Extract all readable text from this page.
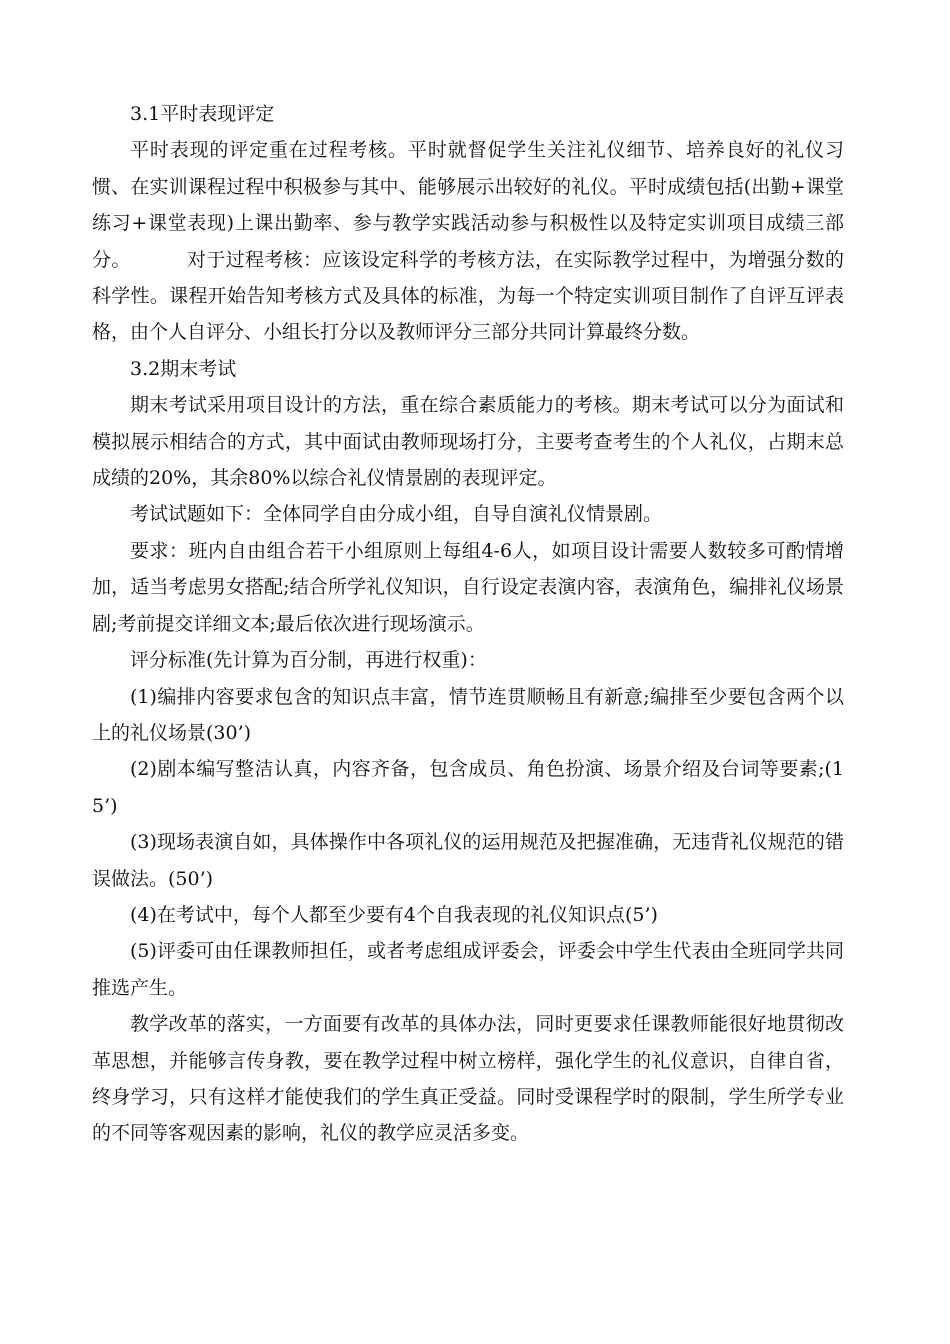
3.1平时表现评定

平时表现的评定重在过程考核。平时就督促学生关注礼仪细节、培养良好的礼仪习惯、在实训课程过程中积极参与其中、能够展示出较好的礼仪。平时成绩包括(出勤+课堂练习+课堂表现)上课出勤率、参与教学实践活动参与积极性以及特定实训项目成绩三部分。	对于过程考核：应该设定科学的考核方法，在实际教学过程中，为增强分数的科学性。课程开始告知考核方式及具体的标准，为每一个特定实训项目制作了自评互评表格，由个人自评分、小组长打分以及教师评分三部分共同计算最终分数。

3.2期末考试

期末考试采用项目设计的方法，重在综合素质能力的考核。期末考试可以分为面试和模拟展示相结合的方式，其中面试由教师现场打分，主要考查考生的个人礼仪，占期末总成绩的20%，其余80%以综合礼仪情景剧的表现评定。

考试试题如下：全体同学自由分成小组，自导自演礼仪情景剧。

要求：班内自由组合若干小组原则上每组4-6人，如项目设计需要人数较多可酌情增加，适当考虑男女搭配;结合所学礼仪知识，自行设定表演内容，表演角色，编排礼仪场景剧;考前提交详细文本;最后依次进行现场演示。

评分标准(先计算为百分制，再进行权重)：

(1)编排内容要求包含的知识点丰富，情节连贯顺畅且有新意;编排至少要包含两个以上的礼仪场景(30’)

(2)剧本编写整洁认真，内容齐备，包含成员、角色扮演、场景介绍及台词等要素;(15’)

(3)现场表演自如，具体操作中各项礼仪的运用规范及把握准确，无违背礼仪规范的错误做法。(50’)

(4)在考试中，每个人都至少要有4个自我表现的礼仪知识点(5’)

(5)评委可由任课教师担任，或者考虑组成评委会，评委会中学生代表由全班同学共同推选产生。

教学改革的落实，一方面要有改革的具体办法，同时更要求任课教师能很好地贯彻改革思想，并能够言传身教，要在教学过程中树立榜样，强化学生的礼仪意识，自律自省，终身学习，只有这样才能使我们的学生真正受益。同时受课程学时的限制，学生所学专业的不同等客观因素的影响，礼仪的教学应灵活多变。
